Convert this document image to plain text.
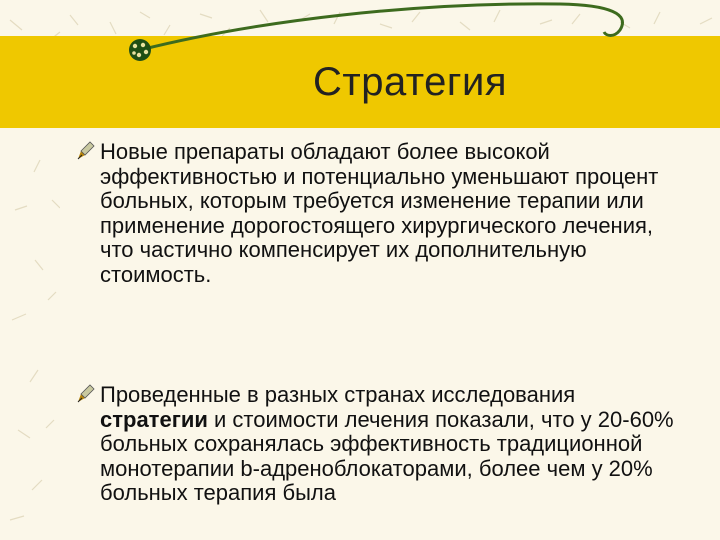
Стратегия
Новые препараты обладают более высокой эффективностью и потенциально уменьшают процент больных, которым требуется изменение терапии или применение дорогостоящего хирургического лечения, что частично компенсирует их дополнительную стоимость.
Проведенные в разных странах исследования стратегии и стоимости лечения показали, что у 20-60% больных сохранялась эффективность традиционной монотерапии b-адреноблокаторами, более чем у 20% больных терапия была
